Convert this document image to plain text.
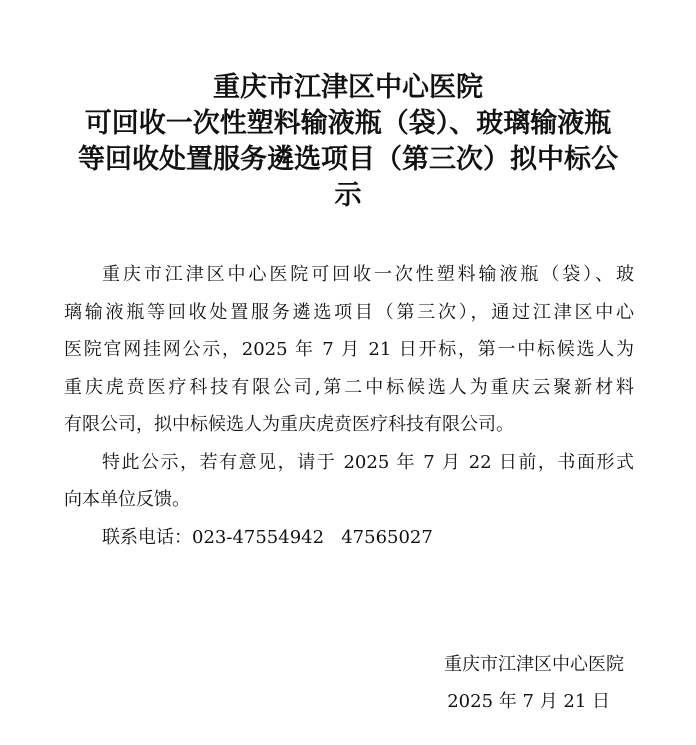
重庆市江津区中心医院
可回收一次性塑料输液瓶（袋）、玻璃输液瓶
等回收处置服务遴选项目（第三次）拟中标公
示
重庆市江津区中心医院可回收一次性塑料输液瓶（袋）、玻
璃输液瓶等回收处置服务遴选项目（第三次），通过江津区中心
医院官网挂网公示，2025 年 7 月 21 日开标，第一中标候选人为
重庆虎贲医疗科技有限公司,第二中标候选人为重庆云聚新材料
有限公司，拟中标候选人为重庆虎贲医疗科技有限公司。
特此公示，若有意见，请于 2025 年 7 月 22 日前，书面形式
向本单位反馈。
联系电话：023-47554942   47565027
重庆市江津区中心医院
2025 年 7 月 21 日
